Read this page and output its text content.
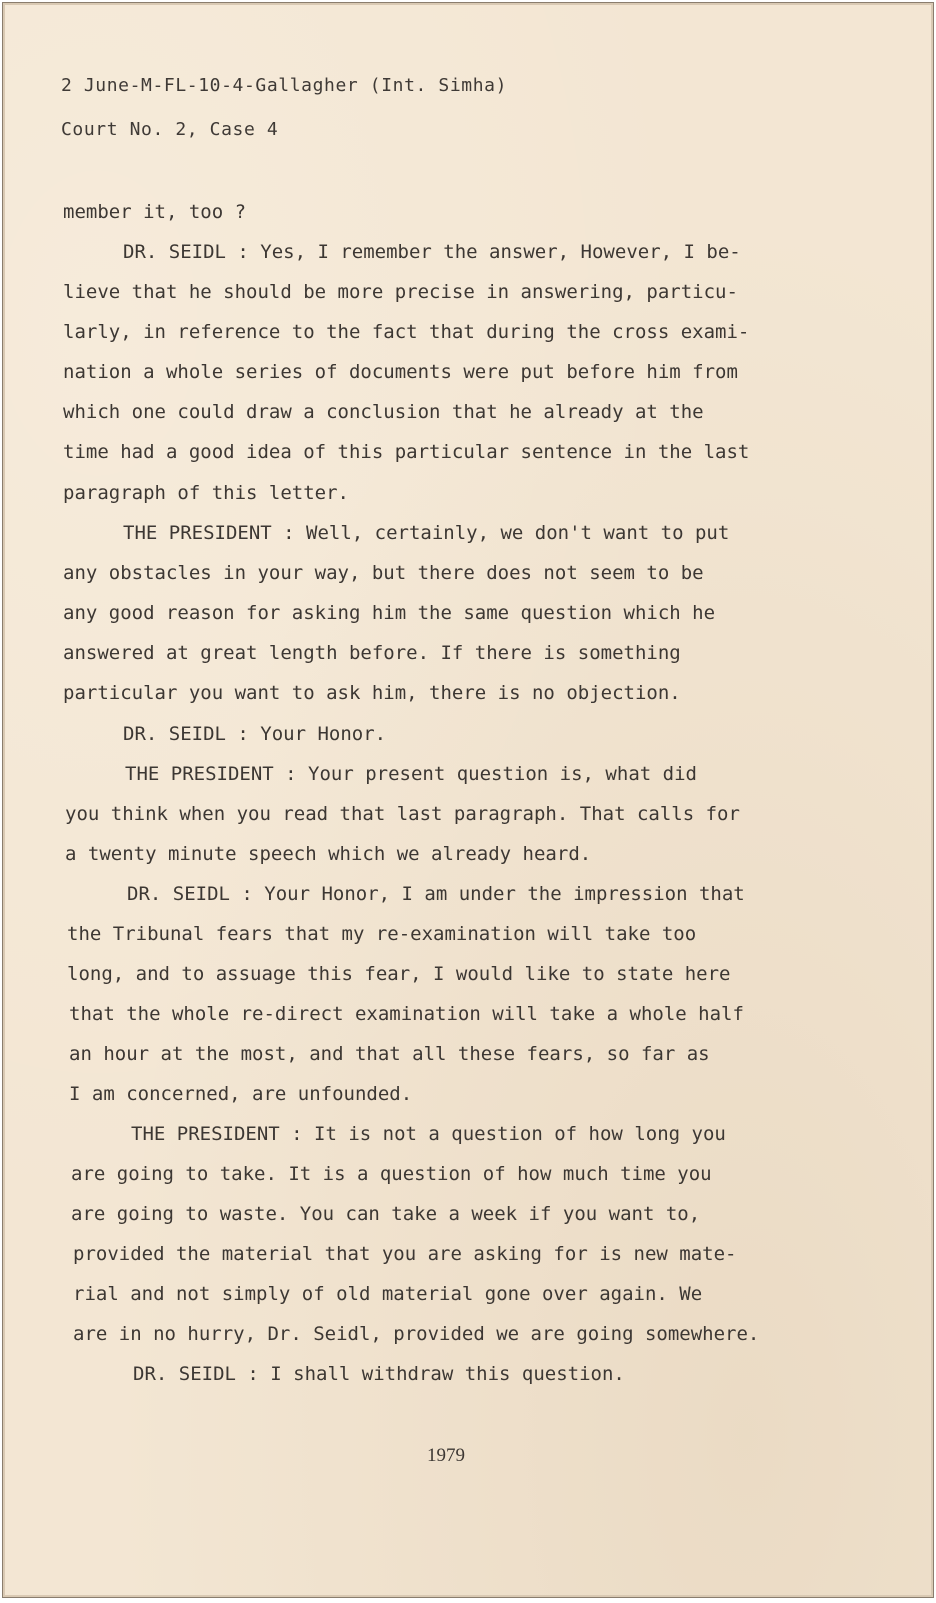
2 June-M-FL-10-4-Gallagher (Int. Simha)
Court No. 2, Case 4
member it, too ?
DR. SEIDL : Yes, I remember the answer, However, I be-
lieve that he should be more precise in answering, particu-
larly, in reference to the fact that during the cross exami-
nation a whole series of documents were put before him from
which one could draw a conclusion that he already at the
time had a good idea of this particular sentence in the last
paragraph of this letter.
THE PRESIDENT : Well, certainly, we don't want to put
any obstacles in your way, but there does not seem to be
any good reason for asking him the same question which he
answered at great length before. If there is something
particular you want to ask him, there is no objection.
DR. SEIDL : Your Honor.
THE PRESIDENT : Your present question is, what did
you think when you read that last paragraph. That calls for
a twenty minute speech which we already heard.
DR. SEIDL : Your Honor, I am under the impression that
the Tribunal fears that my re-examination will take too
long, and to assuage this fear, I would like to state here
that the whole re-direct examination will take a whole half
an hour at the most, and that all these fears, so far as
I am concerned, are unfounded.
THE PRESIDENT : It is not a question of how long you
are going to take. It is a question of how much time you
are going to waste. You can take a week if you want to,
provided the material that you are asking for is new mate-
rial and not simply of old material gone over again. We
are in no hurry, Dr. Seidl, provided we are going somewhere.
DR. SEIDL : I shall withdraw this question.
1979
